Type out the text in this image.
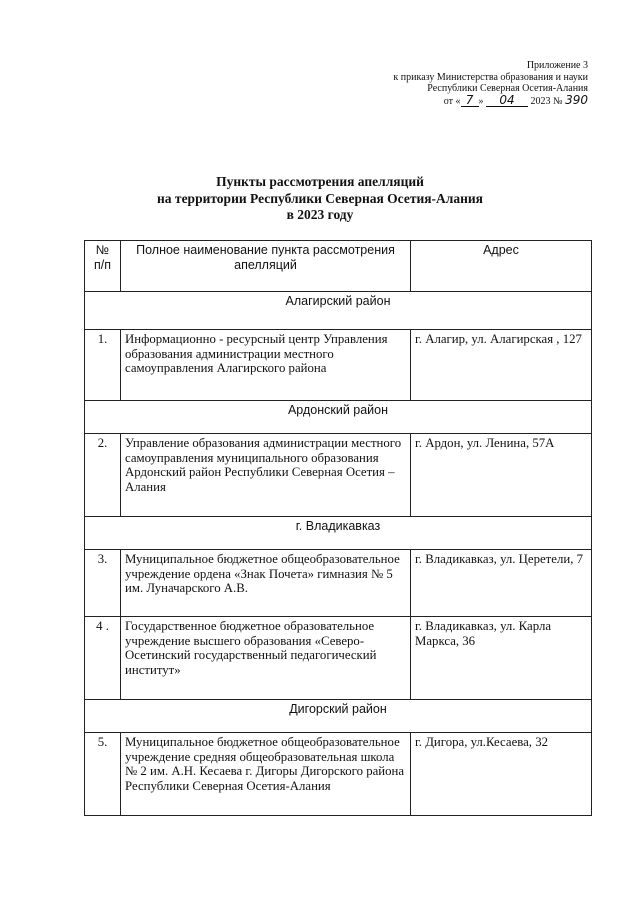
Приложение 3
к приказу Министерства образования и науки
Республики Северная Осетия-Алания
от « 7 » 04 2023 № 390
Пункты рассмотрения апелляций
на территории Республики Северная Осетия-Алания
в 2023 году
№ п/п	Полное наименование пункта рассмотрения апелляций	Адрес
Алагирский район		
1.	Информационно - ресурсный центр Управления образования администрации местного самоуправления Алагирского района	г. Алагир, ул. Алагирская , 127
Ардонский район		
2.	Управление образования администрации местного самоуправления муниципального образования Ардонский район Республики Северная Осетия – Алания	г. Ардон, ул. Ленина, 57А
г. Владикавказ		
3.	Муниципальное бюджетное общеобразовательное учреждение ордена «Знак Почета» гимназия № 5 им. Луначарского А.В.	г. Владикавказ, ул. Церетели, 7
4 .	Государственное бюджетное образовательное учреждение высшего образования «Северо-Осетинский государственный педагогический институт»	г. Владикавказ, ул. Карла Маркса, 36
Дигорский район		
5.	Муниципальное бюджетное общеобразовательное учреждение средняя общеобразовательная школа № 2 им. А.Н. Кесаева г. Дигоры Дигорского района Республики Северная Осетия-Алания	г. Дигора, ул.Кесаева, 32
